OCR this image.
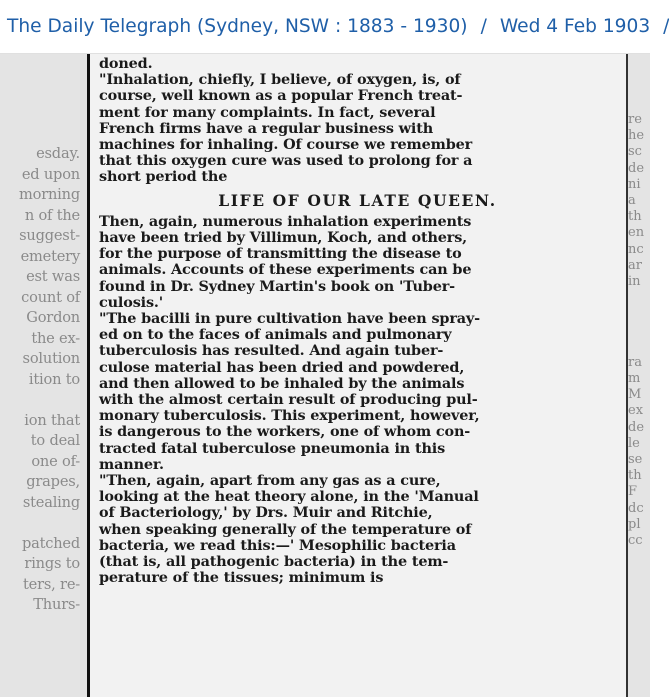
The Daily Telegraph (Sydney, NSW : 1883 - 1930) / Wed 4 Feb 1903 /
esday.
ed upon
morning
n of the
suggest-
emetery
est was
count of
Gordon
the ex-
solution
ition to
ion that
to deal
one of-
grapes,
stealing
patched
rings to
ters, re-
Thurs-
re
he
sc
de
ni
a
th
en
nc
ar
in
ra
m
M
ex
de
le
se
th
F
dc
pl
cc

doned.

"Inhalation, chiefly, I believe, of oxygen, is, of
course, well known as a popular French treat-
ment for many complaints. In fact, several
French firms have a regular business with
machines for inhaling. Of course we remember
that this oxygen cure was used to prolong for a
short period the

LIFE OF OUR LATE QUEEN.

Then, again, numerous inhalation experiments
have been tried by Villimun, Koch, and others,
for the purpose of transmitting the disease to
animals. Accounts of these experiments can be
found in Dr. Sydney Martin's book on 'Tuber-
culosis.'

"The bacilli in pure cultivation have been spray-
ed on to the faces of animals and pulmonary
tuberculosis has resulted. And again tuber-
culose material has been dried and powdered,
and then allowed to be inhaled by the animals
with the almost certain result of producing pul-
monary tuberculosis. This experiment, however,
is dangerous to the workers, one of whom con-
tracted fatal tuberculose pneumonia in this
manner.

"Then, again, apart from any gas as a cure,
looking at the heat theory alone, in the 'Manual
of Bacteriology,' by Drs. Muir and Ritchie,
when speaking generally of the temperature of
bacteria, we read this:—' Mesophilic bacteria
(that is, all pathogenic bacteria) in the tem-
perature of the tissues; minimum is
